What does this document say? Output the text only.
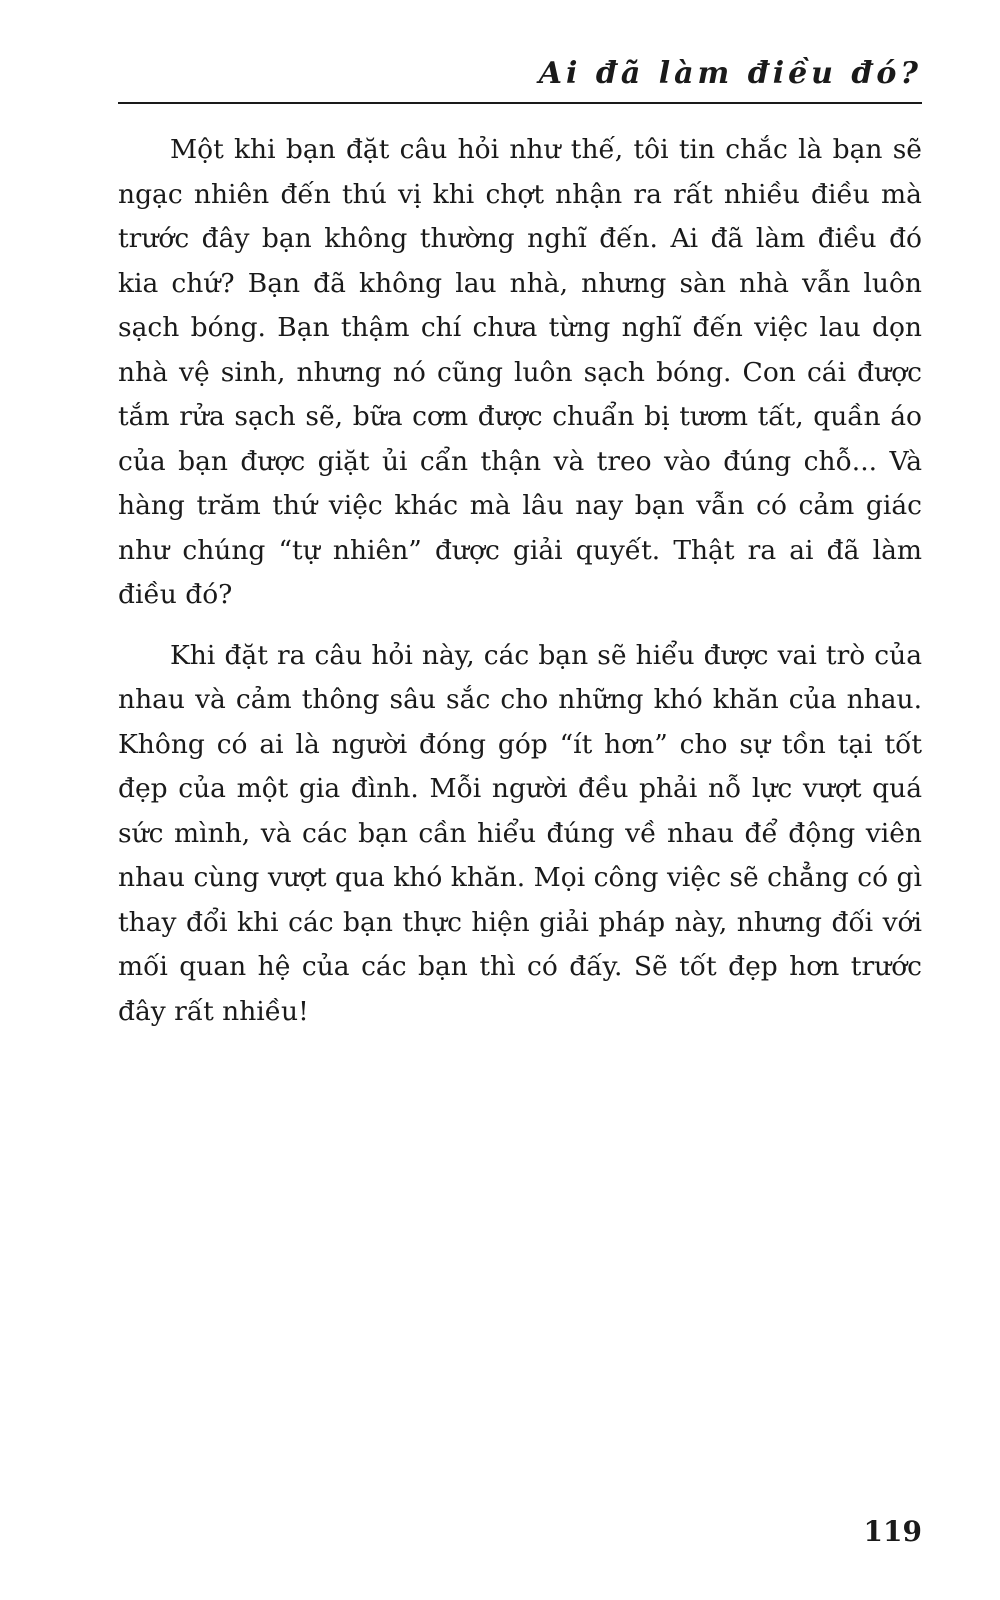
Ai đã làm điều đó?

Một khi bạn đặt câu hỏi như thế, tôi tin chắc là bạn sẽ ngạc nhiên đến thú vị khi chợt nhận ra rất nhiều điều mà trước đây bạn không thường nghĩ đến. Ai đã làm điều đó kia chứ? Bạn đã không lau nhà, nhưng sàn nhà vẫn luôn sạch bóng. Bạn thậm chí chưa từng nghĩ đến việc lau dọn nhà vệ sinh, nhưng nó cũng luôn sạch bóng. Con cái được tắm rửa sạch sẽ, bữa cơm được chuẩn bị tươm tất, quần áo của bạn được giặt ủi cẩn thận và treo vào đúng chỗ... Và hàng trăm thứ việc khác mà lâu nay bạn vẫn có cảm giác như chúng “tự nhiên” được giải quyết. Thật ra ai đã làm điều đó?

Khi đặt ra câu hỏi này, các bạn sẽ hiểu được vai trò của nhau và cảm thông sâu sắc cho những khó khăn của nhau. Không có ai là người đóng góp “ít hơn” cho sự tồn tại tốt đẹp của một gia đình. Mỗi người đều phải nỗ lực vượt quá sức mình, và các bạn cần hiểu đúng về nhau để động viên nhau cùng vượt qua khó khăn. Mọi công việc sẽ chẳng có gì thay đổi khi các bạn thực hiện giải pháp này, nhưng đối với mối quan hệ của các bạn thì có đấy. Sẽ tốt đẹp hơn trước đây rất nhiều!

119
